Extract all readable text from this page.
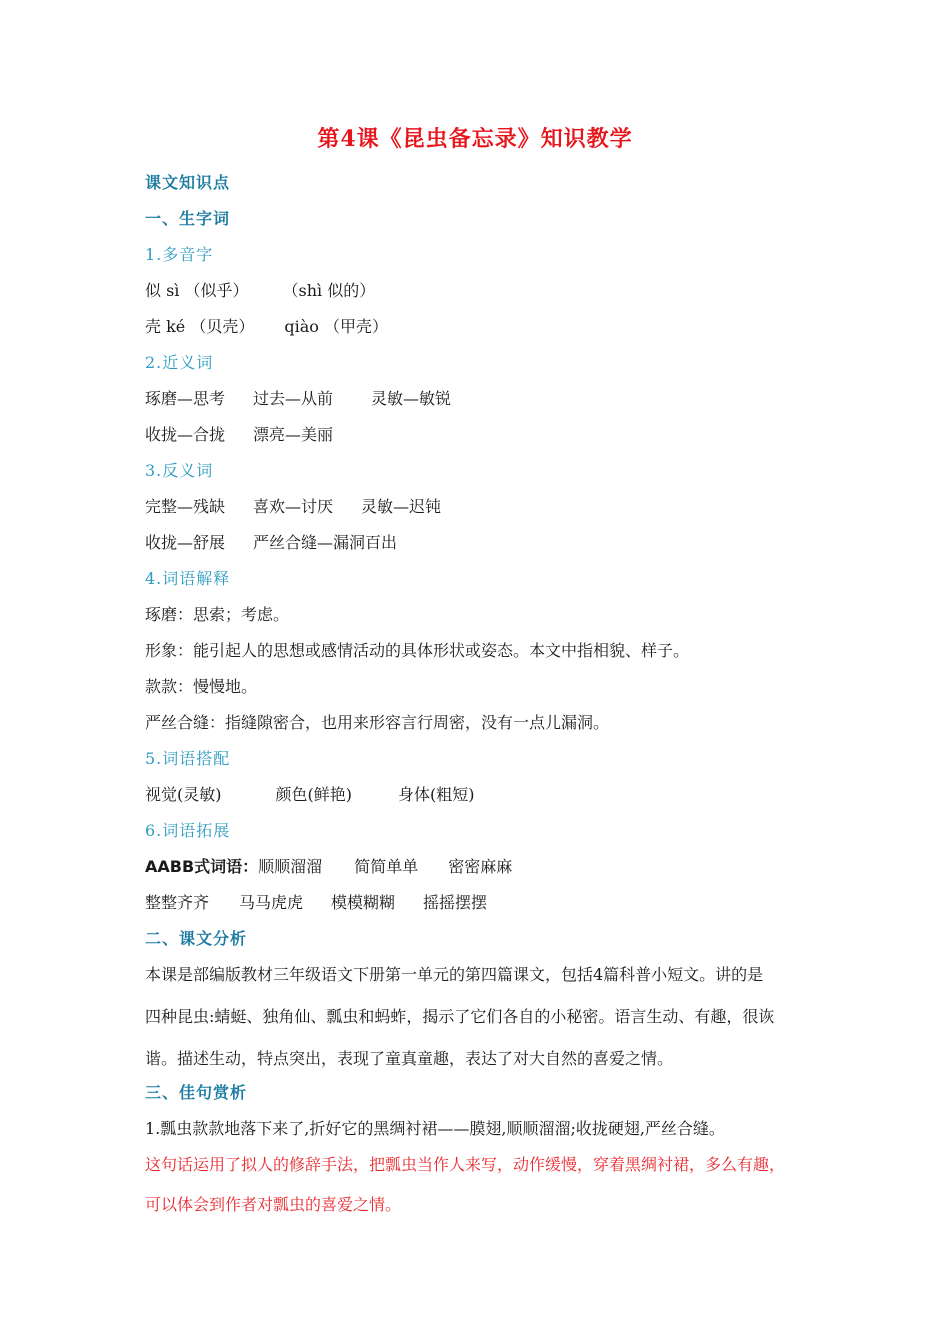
第4课《昆虫备忘录》知识教学
课文知识点
一、生字词
1.多音字
似 sì （似乎） （shì 似的）
壳 ké （贝壳） qiào （甲壳）
2.近义词
琢磨—思考 过去—从前 灵敏—敏锐
收拢—合拢 漂亮—美丽
3.反义词
完整—残缺 喜欢—讨厌 灵敏—迟钝
收拢—舒展 严丝合缝—漏洞百出
4.词语解释
琢磨：思索；考虑。
形象：能引起人的思想或感情活动的具体形状或姿态。本文中指相貌、样子。
款款：慢慢地。
严丝合缝：指缝隙密合，也用来形容言行周密，没有一点儿漏洞。
5.词语搭配
视觉(灵敏)	颜色(鲜艳)	身体(粗短)
6.词语拓展
AABB式词语：顺顺溜溜 简简单单 密密麻麻
整整齐齐 马马虎虎 模模糊糊 摇摇摆摆
二、课文分析
本课是部编版教材三年级语文下册第一单元的第四篇课文，包括4篇科普小短文。讲的是
四种昆虫:蜻蜓、独角仙、瓢虫和蚂蚱，揭示了它们各自的小秘密。语言生动、有趣，很诙
谐。描述生动，特点突出，表现了童真童趣，表达了对大自然的喜爱之情。
三、佳句赏析
1.瓢虫款款地落下来了,折好它的黑绸衬裙——膜翅,顺顺溜溜;收拢硬翅,严丝合缝。
这句话运用了拟人的修辞手法，把瓢虫当作人来写，动作缓慢，穿着黑绸衬裙，多么有趣，
可以体会到作者对瓢虫的喜爱之情。
